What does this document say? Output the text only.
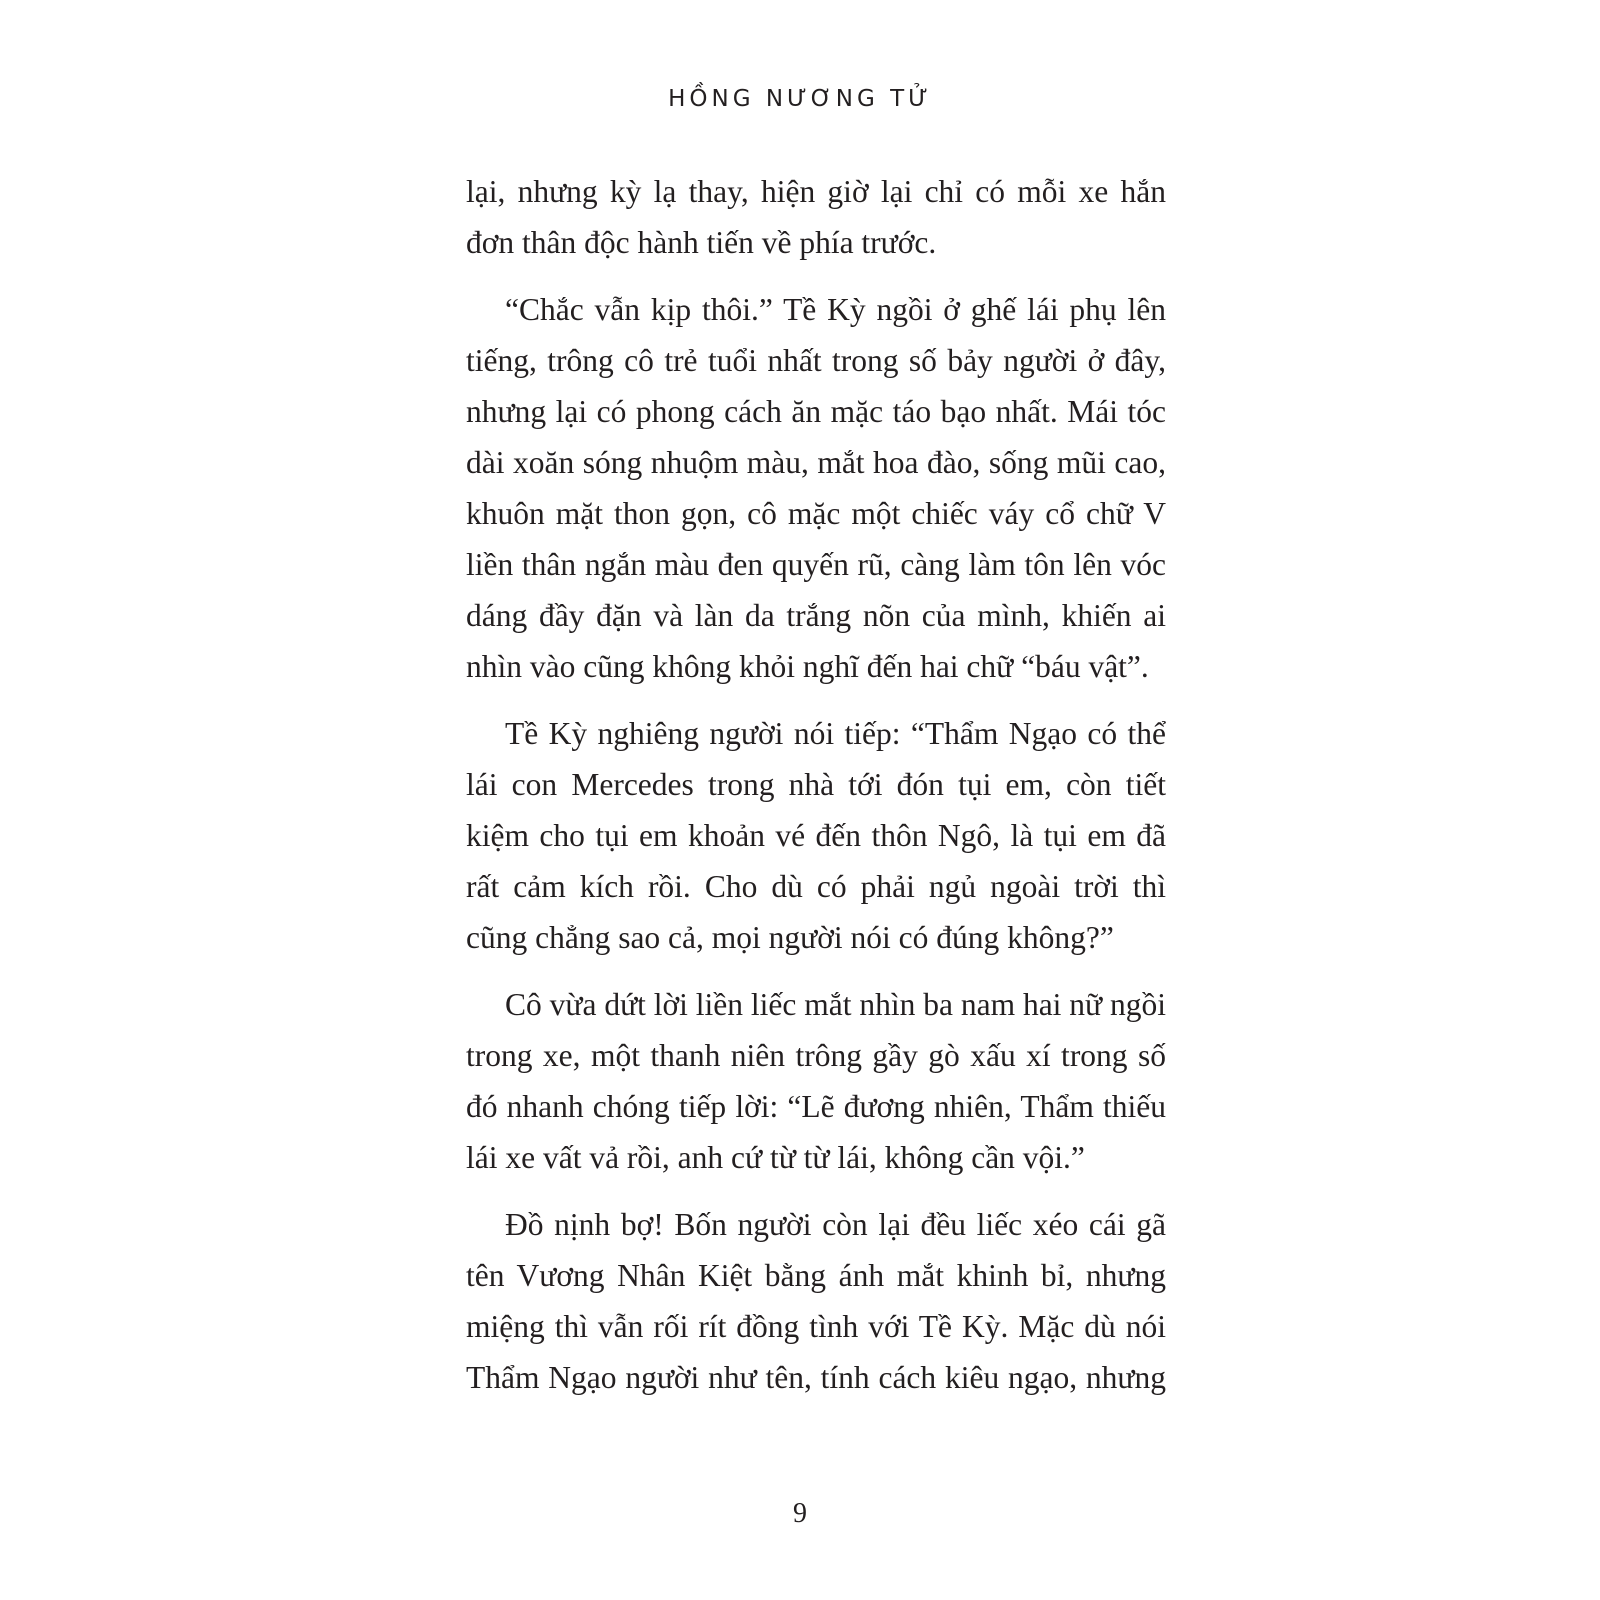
HỒNG NƯƠNG TỬ

lại, nhưng kỳ lạ thay, hiện giờ lại chỉ có mỗi xe hắn đơn thân độc hành tiến về phía trước.

“Chắc vẫn kịp thôi.” Tề Kỳ ngồi ở ghế lái phụ lên tiếng, trông cô trẻ tuổi nhất trong số bảy người ở đây, nhưng lại có phong cách ăn mặc táo bạo nhất. Mái tóc dài xoăn sóng nhuộm màu, mắt hoa đào, sống mũi cao, khuôn mặt thon gọn, cô mặc một chiếc váy cổ chữ V liền thân ngắn màu đen quyến rũ, càng làm tôn lên vóc dáng đầy đặn và làn da trắng nõn của mình, khiến ai nhìn vào cũng không khỏi nghĩ đến hai chữ “báu vật”.

Tề Kỳ nghiêng người nói tiếp: “Thẩm Ngạo có thể lái con Mercedes trong nhà tới đón tụi em, còn tiết kiệm cho tụi em khoản vé đến thôn Ngô, là tụi em đã rất cảm kích rồi. Cho dù có phải ngủ ngoài trời thì cũng chẳng sao cả, mọi người nói có đúng không?”

Cô vừa dứt lời liền liếc mắt nhìn ba nam hai nữ ngồi trong xe, một thanh niên trông gầy gò xấu xí trong số đó nhanh chóng tiếp lời: “Lẽ đương nhiên, Thẩm thiếu lái xe vất vả rồi, anh cứ từ từ lái, không cần vội.”

Đồ nịnh bợ! Bốn người còn lại đều liếc xéo cái gã tên Vương Nhân Kiệt bằng ánh mắt khinh bỉ, nhưng miệng thì vẫn rối rít đồng tình với Tề Kỳ. Mặc dù nói Thẩm Ngạo người như tên, tính cách kiêu ngạo, nhưng

9
